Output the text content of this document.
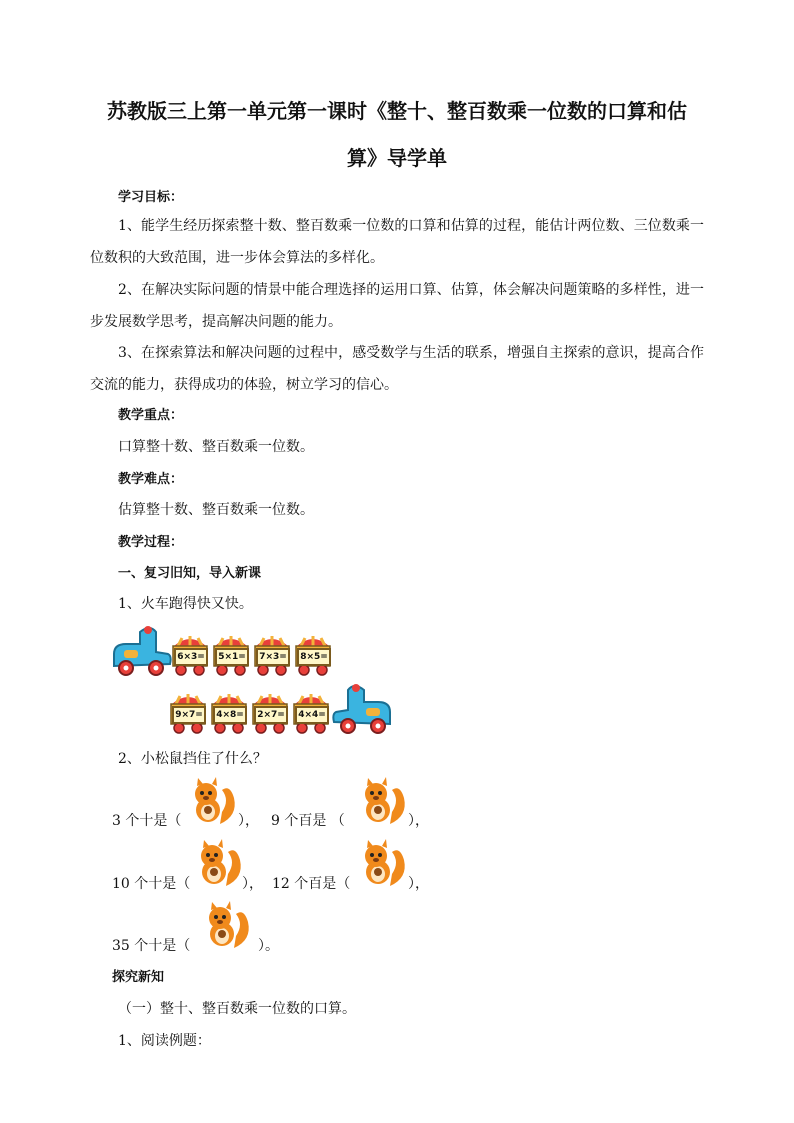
苏教版三上第一单元第一课时《整十、整百数乘一位数的口算和估
算》导学单
学习目标：
1、能学生经历探索整十数、整百数乘一位数的口算和估算的过程，能估计两位数、三位数乘一位数积的大致范围，进一步体会算法的多样化。
2、在解决实际问题的情景中能合理选择的运用口算、估算，体会解决问题策略的多样性，进一步发展数学思考，提高解决问题的能力。
3、在探索算法和解决问题的过程中，感受数学与生活的联系，增强自主探索的意识，提高合作交流的能力，获得成功的体验，树立学习的信心。
教学重点：
口算整十数、整百数乘一位数。
教学难点：
估算整十数、整百数乘一位数。
教学过程：
一、复习旧知，导入新课
1、火车跑得快又快。
6×3=	5×1=	7×3=	8×5=
9×7=	4×8=	2×7=	4×4=
2、小松鼠挡住了什么？
3 个十是（	）， 9 个百是 （	），
10 个十是（	）， 12 个百是（	），
35 个十是（	）。
探究新知
（一）整十、整百数乘一位数的口算。
1、阅读例题：
